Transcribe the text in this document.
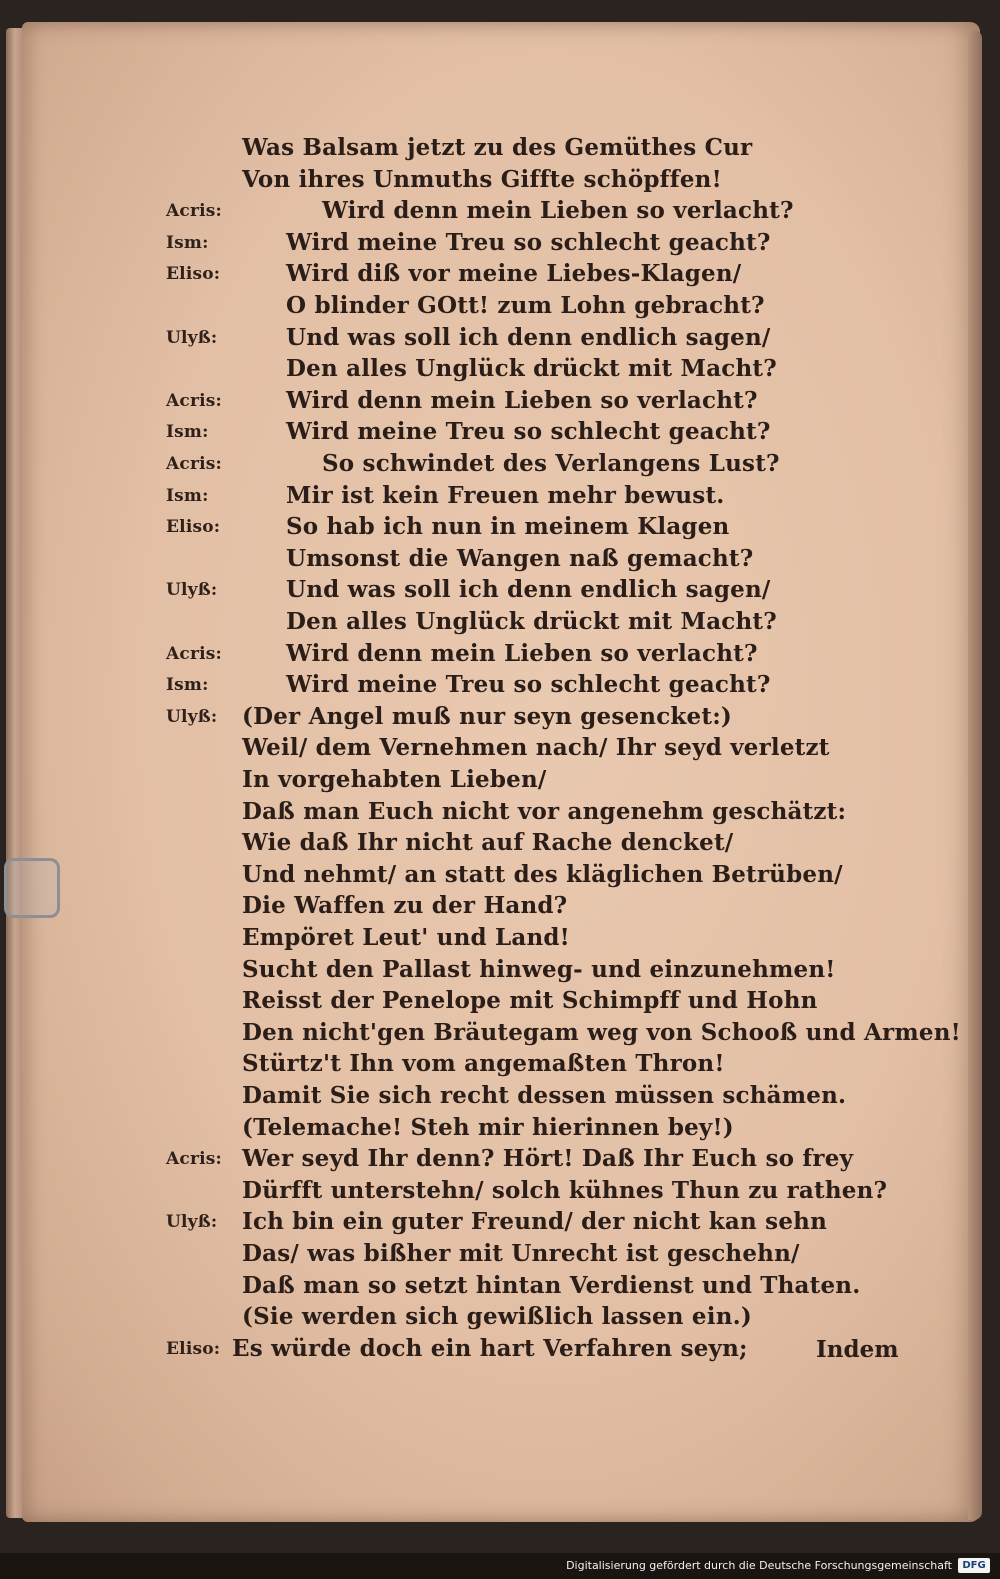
Was Balsam jetzt zu des Gemüthes Cur
Von ihres Unmuths Giffte schöpffen!
Acris:	Wird denn mein Lieben so verlacht?
Ism:	Wird meine Treu so schlecht geacht?
Eliso:	Wird diß vor meine Liebes-Klagen/
O blinder GOtt! zum Lohn gebracht?
Ulyß:	Und was soll ich denn endlich sagen/
Den alles Unglück drückt mit Macht?
Acris:	Wird denn mein Lieben so verlacht?
Ism:	Wird meine Treu so schlecht geacht?
Acris:	So schwindet des Verlangens Lust?
Ism:	Mir ist kein Freuen mehr bewust.
Eliso:	So hab ich nun in meinem Klagen
Umsonst die Wangen naß gemacht?
Ulyß:	Und was soll ich denn endlich sagen/
Den alles Unglück drückt mit Macht?
Acris:	Wird denn mein Lieben so verlacht?
Ism:	Wird meine Treu so schlecht geacht?
Ulyß: (Der Angel muß nur seyn gesencket:)
Weil/ dem Vernehmen nach/ Ihr seyd verletzt
In vorgehabten Lieben/
Daß man Euch nicht vor angenehm geschätzt:
Wie daß Ihr nicht auf Rache dencket/
Und nehmt/ an statt des kläglichen Betrüben/
Die Waffen zu der Hand?
Empöret Leut' und Land!
Sucht den Pallast hinweg- und einzunehmen!
Reisst der Penelope mit Schimpff und Hohn
Den nicht'gen Bräutegam weg von Schooß und Armen!
Stürtz't Ihn vom angemaßten Thron!
Damit Sie sich recht dessen müssen schämen.
(Telemache! Steh mir hierinnen bey!)
Acris: Wer seyd Ihr denn? Hört! Daß Ihr Euch so frey
Dürfft unterstehn/ solch kühnes Thun zu rathen?
Ulyß: Ich bin ein guter Freund/ der nicht kan sehn
Das/ was bißher mit Unrecht ist geschehn/
Daß man so setzt hintan Verdienst und Thaten.
(Sie werden sich gewißlich lassen ein.)
Eliso: Es würde doch ein hart Verfahren seyn;	Indem
Digitalisierung gefördert durch die Deutsche Forschungsgemeinschaft	DFG
